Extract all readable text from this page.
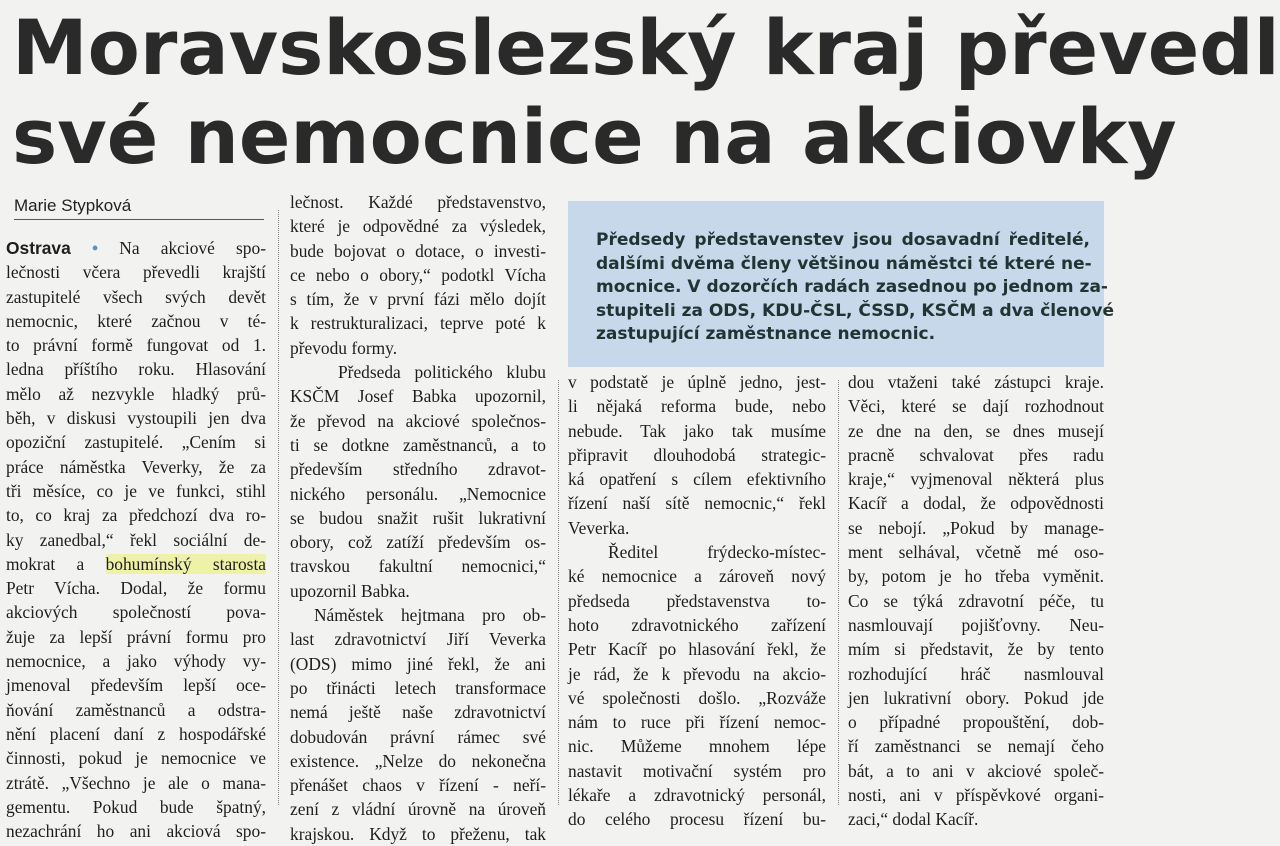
Moravskoslezský kraj převedl
své nemocnice na akciovky
Marie Stypková
Předsedy představenstev jsou dosavadní ředitelé,
dalšími dvěma členy většinou náměstci té které ne-
mocnice. V dozorčích radách zasednou po jednom za-
stupiteli za ODS, KDU-ČSL, ČSSD, KSČM a dva členové
zastupující zaměstnance nemocnic.
Ostrava • Na akciové spo-
lečnosti včera převedli krajští
zastupitelé všech svých devět
nemocnic, které začnou v té-
to právní formě fungovat od 1.
ledna příštího roku. Hlasování
mělo až nezvykle hladký prů-
běh, v diskusi vystoupili jen dva
opoziční zastupitelé. „Cením si
práce náměstka Veverky, že za
tři měsíce, co je ve funkci, stihl
to, co kraj za předchozí dva ro-
ky zanedbal,“ řekl sociální de-
mokrat a bohumínský starosta
Petr Vícha. Dodal, že formu
akciových společností pova-
žuje za lepší právní formu pro
nemocnice, a jako výhody vy-
jmenoval především lepší oce-
ňování zaměstnanců a odstra-
nění placení daní z hospodářské
činnosti, pokud je nemocnice ve
ztrátě. „Všechno je ale o mana-
gementu. Pokud bude špatný,
nezachrání ho ani akciová spo-
lečnost. Každé představenstvo,
které je odpovědné za výsledek,
bude bojovat o dotace, o investi-
ce nebo o obory,“ podotkl Vícha
s tím, že v první fázi mělo dojít
k restrukturalizaci, teprve poté k
převodu formy.
Předseda politického klubu
KSČM Josef Babka upozornil,
že převod na akciové společnos-
ti se dotkne zaměstnanců, a to
především středního zdravot-
nického personálu. „Nemocnice
se budou snažit rušit lukrativní
obory, což zatíží především os-
travskou fakultní nemocnici,“
upozornil Babka.
Náměstek hejtmana pro ob-
last zdravotnictví Jiří Veverka
(ODS) mimo jiné řekl, že ani
po třinácti letech transformace
nemá ještě naše zdravotnictví
dobudován právní rámec své
existence. „Nelze do nekonečna
přenášet chaos v řízení - neří-
zení z vládní úrovně na úroveň
krajskou. Když to přeženu, tak
v podstatě je úplně jedno, jest-
li nějaká reforma bude, nebo
nebude. Tak jako tak musíme
připravit dlouhodobá strategic-
ká opatření s cílem efektivního
řízení naší sítě nemocnic,“ řekl
Veverka.
Ředitel frýdecko-místec-
ké nemocnice a zároveň nový
předseda představenstva to-
hoto zdravotnického zařízení
Petr Kacíř po hlasování řekl, že
je rád, že k převodu na akcio-
vé společnosti došlo. „Rozváže
nám to ruce při řízení nemoc-
nic. Můžeme mnohem lépe
nastavit motivační systém pro
lékaře a zdravotnický personál,
do celého procesu řízení bu-
dou vtaženi také zástupci kraje.
Věci, které se dají rozhodnout
ze dne na den, se dnes musejí
pracně schvalovat přes radu
kraje,“ vyjmenoval některá plus
Kacíř a dodal, že odpovědnosti
se nebojí. „Pokud by manage-
ment selhával, včetně mé oso-
by, potom je ho třeba vyměnit.
Co se týká zdravotní péče, tu
nasmlouvají pojišťovny. Neu-
mím si představit, že by tento
rozhodující hráč nasmlouval
jen lukrativní obory. Pokud jde
o případné propouštění, dob-
ří zaměstnanci se nemají čeho
bát, a to ani v akciové společ-
nosti, ani v příspěvkové organi-
zaci,“ dodal Kacíř.
